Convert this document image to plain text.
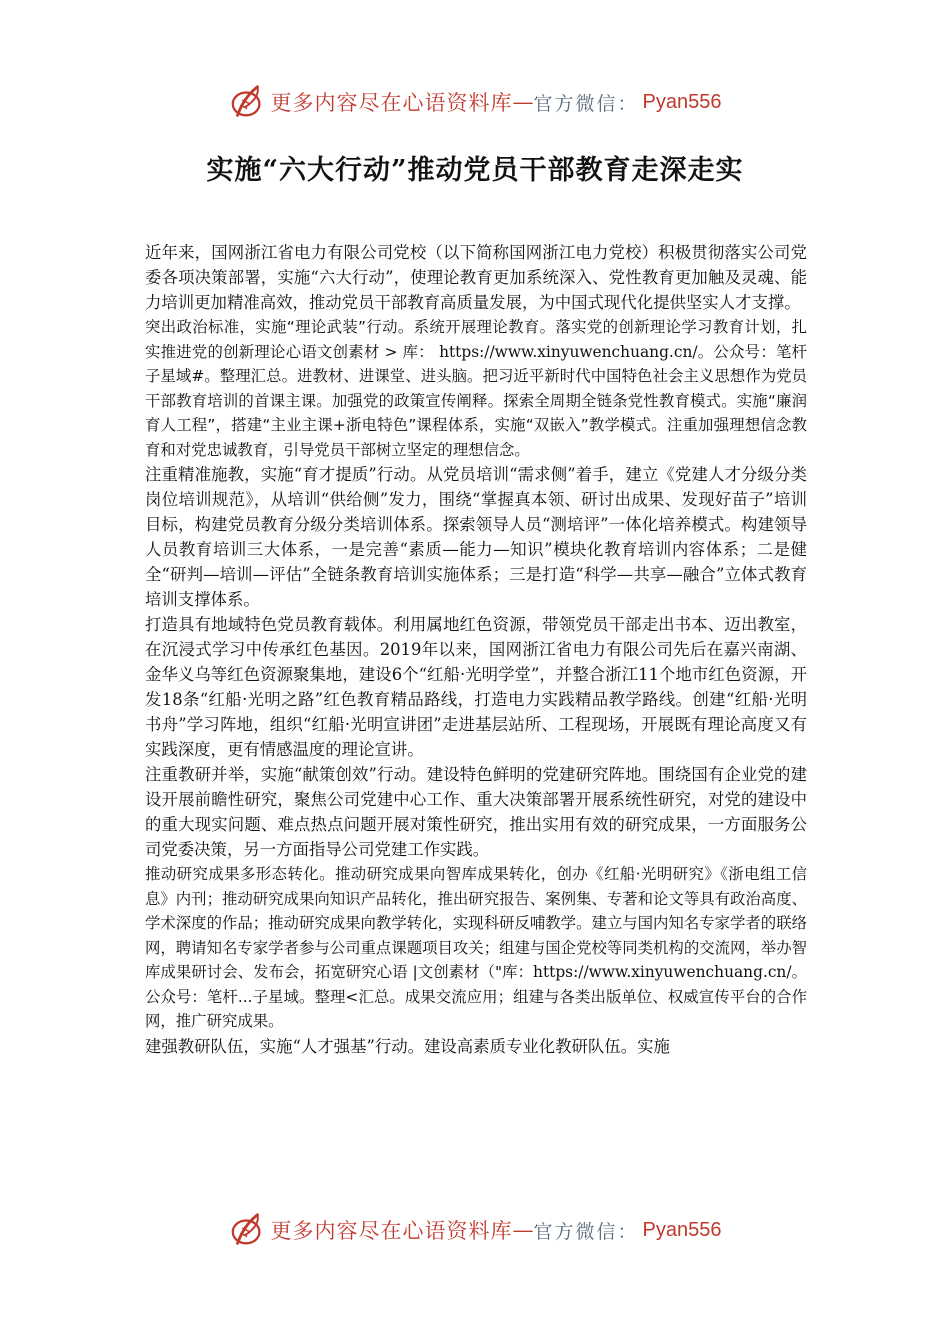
更多内容尽在心语资料库 — 官方微信： Pyan556
实施“六大行动”推动党员干部教育走深走实

近年来，国网浙江省电力有限公司党校（以下简称国网浙江电力党校）积极贯彻落实公司党委各项决策部署，实施“六大行动”，使理论教育更加系统深入、党性教育更加触及灵魂、能力培训更加精准高效，推动党员干部教育高质量发展，为中国式现代化提供坚实人才支撑。

突出政治标准，实施“理论武装”行动。系统开展理论教育。落实党的创新理论学习教育计划，扎实推进党的创新理论心语文创素材 > 库： https://www.xinyuwenchuang.cn/。公众号：笔杆子星域#。整理汇总。进教材、进课堂、进头脑。把习近平新时代中国特色社会主义思想作为党员干部教育培训的首课主课。加强党的政策宣传阐释。探索全周期全链条党性教育模式。实施“廉润育人工程”，搭建“主业主课+浙电特色”课程体系，实施“双嵌入”教学模式。注重加强理想信念教育和对党忠诚教育，引导党员干部树立坚定的理想信念。

注重精准施教，实施“育才提质”行动。从党员培训“需求侧”着手，建立《党建人才分级分类岗位培训规范》，从培训“供给侧”发力，围绕“掌握真本领、研讨出成果、发现好苗子”培训目标，构建党员教育分级分类培训体系。探索领导人员“测培评”一体化培养模式。构建领导人员教育培训三大体系，一是完善“素质—能力—知识”模块化教育培训内容体系；二是健全“研判—培训—评估”全链条教育培训实施体系；三是打造“科学—共享—融合”立体式教育培训支撑体系。

打造具有地域特色党员教育载体。利用属地红色资源，带领党员干部走出书本、迈出教室，在沉浸式学习中传承红色基因。2019年以来，国网浙江省电力有限公司先后在嘉兴南湖、金华义乌等红色资源聚集地，建设6个“红船·光明学堂”，并整合浙江11个地市红色资源，开发18条“红船·光明之路”红色教育精品路线，打造电力实践精品教学路线。创建“红船·光明书舟”学习阵地，组织“红船·光明宣讲团”走进基层站所、工程现场，开展既有理论高度又有实践深度，更有情感温度的理论宣讲。

注重教研并举，实施“献策创效”行动。建设特色鲜明的党建研究阵地。围绕国有企业党的建设开展前瞻性研究，聚焦公司党建中心工作、重大决策部署开展系统性研究，对党的建设中的重大现实问题、难点热点问题开展对策性研究，推出实用有效的研究成果，一方面服务公司党委决策，另一方面指导公司党建工作实践。

推动研究成果多形态转化。推动研究成果向智库成果转化，创办《红船·光明研究》《浙电组工信息》内刊；推动研究成果向知识产品转化，推出研究报告、案例集、专著和论文等具有政治高度、学术深度的作品；推动研究成果向教学转化，实现科研反哺教学。建立与国内知名专家学者的联络网，聘请知名专家学者参与公司重点课题项目攻关；组建与国企党校等同类机构的交流网，举办智库成果研讨会、发布会，拓宽研究心语 |文创素材（"库：https://www.xinyuwenchuang.cn/。公众号：笔杆...子星域。整理<汇总。成果交流应用；组建与各类出版单位、权威宣传平台的合作网，推广研究成果。

建强教研队伍，实施“人才强基”行动。建设高素质专业化教研队伍。实施

更多内容尽在心语资料库 — 官方微信： Pyan556
